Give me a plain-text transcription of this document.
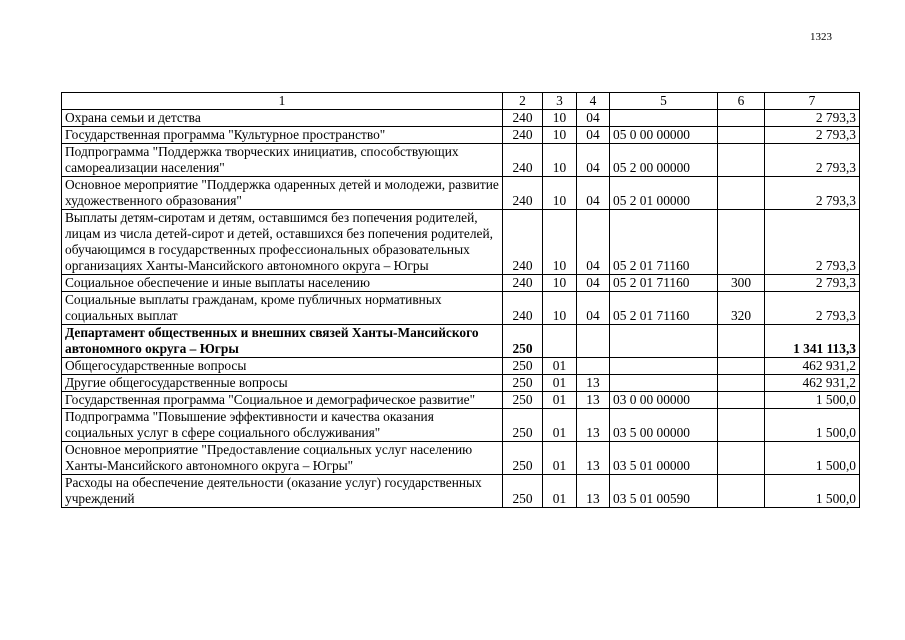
1323
1	2	3	4	5	6	7
Охрана семьи и детства	240	10	04			2 793,3
Государственная программа "Культурное пространство"	240	10	04	05 0 00 00000		2 793,3
Подпрограмма "Поддержка творческих инициатив, способствующих самореализации населения"	240	10	04	05 2 00 00000		2 793,3
Основное мероприятие "Поддержка одаренных детей и молодежи, развитие художественного образования"	240	10	04	05 2 01 00000		2 793,3
Выплаты детям-сиротам и детям, оставшимся без попечения родителей, лицам из числа детей-сирот и детей, оставшихся без попечения родителей, обучающимся в государственных профессиональных образовательных организациях Ханты-Мансийского автономного округа – Югры	240	10	04	05 2 01 71160		2 793,3
Социальное обеспечение и иные выплаты населению	240	10	04	05 2 01 71160	300	2 793,3
Социальные выплаты гражданам, кроме публичных нормативных социальных выплат	240	10	04	05 2 01 71160	320	2 793,3
Департамент общественных и внешних связей Ханты-Мансийского автономного округа – Югры	250					1 341 113,3
Общегосударственные вопросы	250	01				462 931,2
Другие общегосударственные вопросы	250	01	13			462 931,2
Государственная программа "Социальное и демографическое развитие"	250	01	13	03 0 00 00000		1 500,0
Подпрограмма "Повышение эффективности и качества оказания социальных услуг в сфере социального обслуживания"	250	01	13	03 5 00 00000		1 500,0
Основное мероприятие "Предоставление социальных услуг населению Ханты-Мансийского автономного округа – Югры"	250	01	13	03 5 01 00000		1 500,0
Расходы на обеспечение деятельности (оказание услуг) государственных учреждений	250	01	13	03 5 01 00590		1 500,0
